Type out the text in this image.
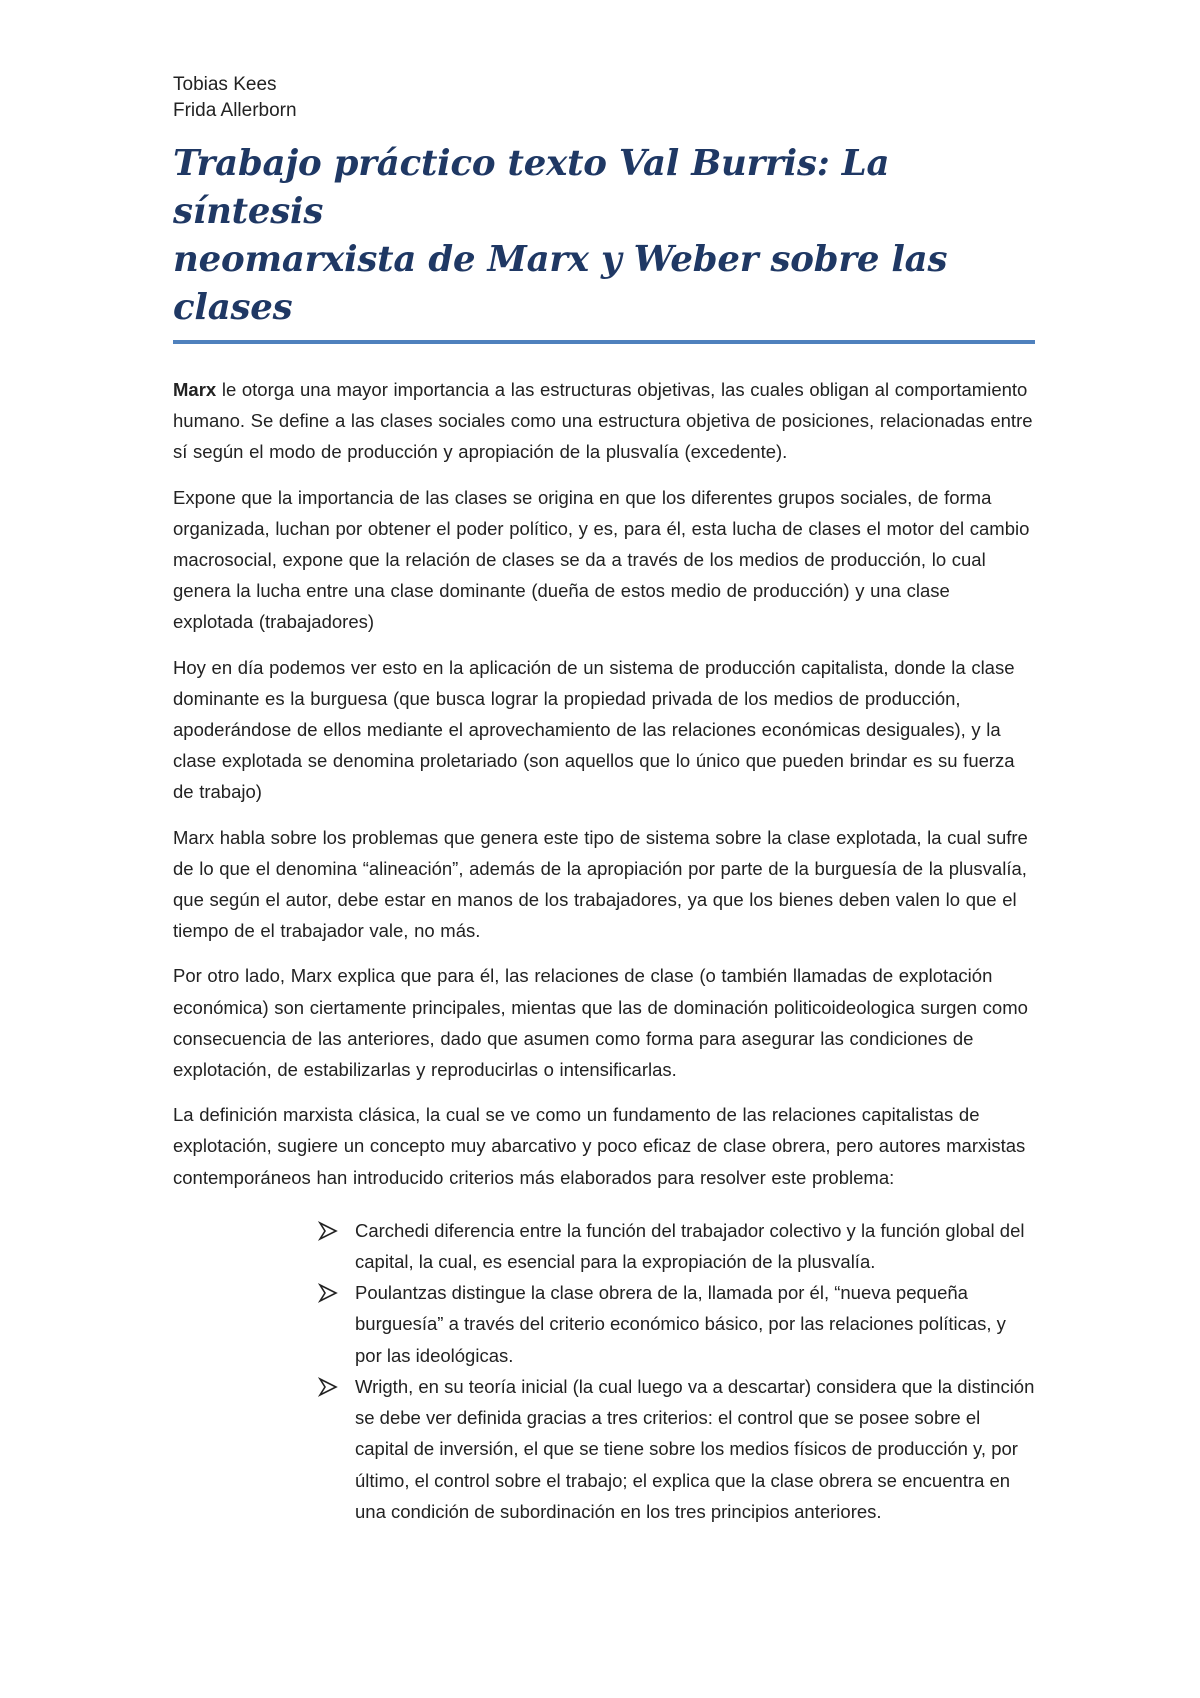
Tobias Kees
Frida Allerborn
Trabajo práctico texto Val Burris: La síntesis
neomarxista de Marx y Weber sobre las clases

Marx le otorga una mayor importancia a las estructuras objetivas, las cuales obligan al comportamiento humano. Se define a las clases sociales como una estructura objetiva de posiciones, relacionadas entre sí según el modo de producción y apropiación de la plusvalía (excedente).

Expone que la importancia de las clases se origina en que los diferentes grupos sociales, de forma organizada, luchan por obtener el poder político, y es, para él, esta lucha de clases el motor del cambio macrosocial, expone que la relación de clases se da a través de los medios de producción, lo cual genera la lucha entre una clase dominante (dueña de estos medio de producción) y una clase explotada (trabajadores)

Hoy en día podemos ver esto en la aplicación de un sistema de producción capitalista, donde la clase dominante es la burguesa (que busca lograr la propiedad privada de los medios de producción, apoderándose de ellos mediante el aprovechamiento de las relaciones económicas desiguales), y la clase explotada se denomina proletariado (son aquellos que lo único que pueden brindar es su fuerza de trabajo)

Marx habla sobre los problemas que genera este tipo de sistema sobre la clase explotada, la cual sufre de lo que el denomina “alineación”, además de la apropiación por parte de la burguesía de la plusvalía, que según el autor, debe estar en manos de los trabajadores, ya que los bienes deben valen lo que el tiempo de el trabajador vale, no más.

Por otro lado, Marx explica que para él, las relaciones de clase (o también llamadas de explotación económica) son ciertamente principales, mientas que las de dominación politicoideologica surgen como consecuencia de las anteriores, dado que asumen como forma para asegurar las condiciones de explotación, de estabilizarlas y reproducirlas o intensificarlas.

La definición marxista clásica, la cual se ve como un fundamento de las relaciones capitalistas de explotación, sugiere un concepto muy abarcativo y poco eficaz de clase obrera, pero autores marxistas contemporáneos han introducido criterios más elaborados para resolver este problema:

Carchedi diferencia entre la función del trabajador colectivo y la función global del capital, la cual, es esencial para la expropiación de la plusvalía.
Poulantzas distingue la clase obrera de la, llamada por él, “nueva pequeña burguesía” a través del criterio económico básico, por las relaciones políticas, y por las ideológicas.
Wrigth, en su teoría inicial (la cual luego va a descartar) considera que la distinción se debe ver definida gracias a tres criterios: el control que se posee sobre el capital de inversión, el que se tiene sobre los medios físicos de producción y, por último, el control sobre el trabajo; el explica que la clase obrera se encuentra en una condición de subordinación en los tres principios anteriores.
